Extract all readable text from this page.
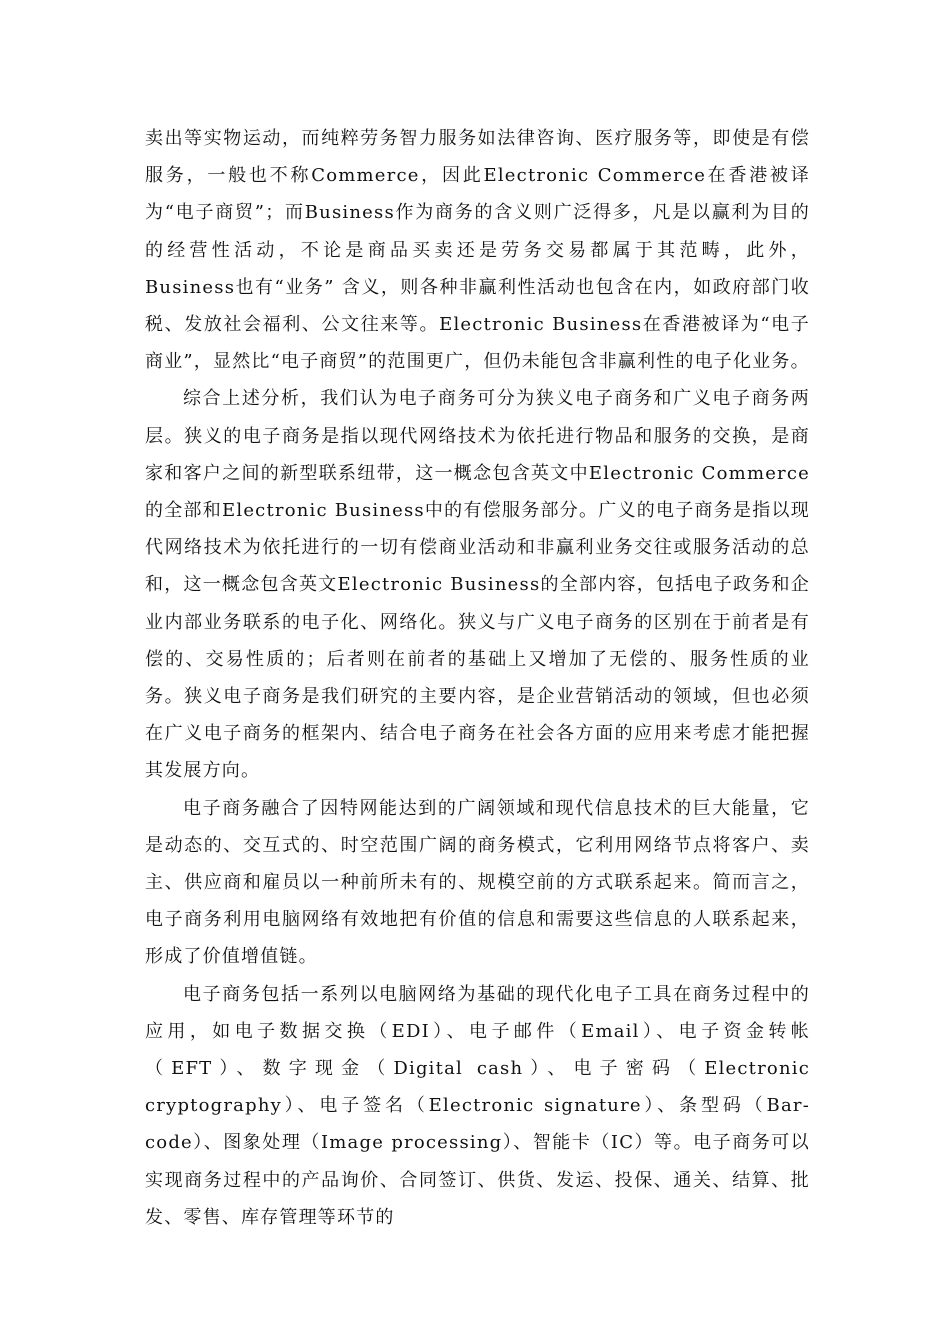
卖出等实物运动，而纯粹劳务智力服务如法律咨询、医疗服务等，即使是有偿服务，一般也不称Commerce，因此Electronic Commerce在香港被译为“电子商贸”；而Business作为商务的含义则广泛得多，凡是以赢利为目的的经营性活动，不论是商品买卖还是劳务交易都属于其范畴，此外， Business也有“业务” 含义，则各种非赢利性活动也包含在内，如政府部门收税、发放社会福利、公文往来等。Electronic Business在香港被译为“电子商业”，显然比“电子商贸”的范围更广，但仍未能包含非赢利性的电子化业务。

综合上述分析，我们认为电子商务可分为狭义电子商务和广义电子商务两层。狭义的电子商务是指以现代网络技术为依托进行物品和服务的交换，是商家和客户之间的新型联系纽带，这一概念包含英文中Electronic Commerce的全部和Electronic Business中的有偿服务部分。广义的电子商务是指以现代网络技术为依托进行的一切有偿商业活动和非赢利业务交往或服务活动的总和，这一概念包含英文Electronic Business的全部内容，包括电子政务和企业内部业务联系的电子化、网络化。狭义与广义电子商务的区别在于前者是有偿的、交易性质的；后者则在前者的基础上又增加了无偿的、服务性质的业务。狭义电子商务是我们研究的主要内容，是企业营销活动的领域，但也必须在广义电子商务的框架内、结合电子商务在社会各方面的应用来考虑才能把握其发展方向。

电子商务融合了因特网能达到的广阔领域和现代信息技术的巨大能量，它是动态的、交互式的、时空范围广阔的商务模式，它利用网络节点将客户、卖主、供应商和雇员以一种前所未有的、规模空前的方式联系起来。简而言之，电子商务利用电脑网络有效地把有价值的信息和需要这些信息的人联系起来，形成了价值增值链。

电子商务包括一系列以电脑网络为基础的现代化电子工具在商务过程中的应用，如电子数据交换（EDI）、电子邮件（Email）、电子资金转帐（EFT）、数字现金（Digital cash）、电子密码（Electronic cryptography）、电子签名（Electronic signature）、条型码（Bar-code）、图象处理（Image processing）、智能卡（IC）等。电子商务可以实现商务过程中的产品询价、合同签订、供货、发运、投保、通关、结算、批发、零售、库存管理等环节的
